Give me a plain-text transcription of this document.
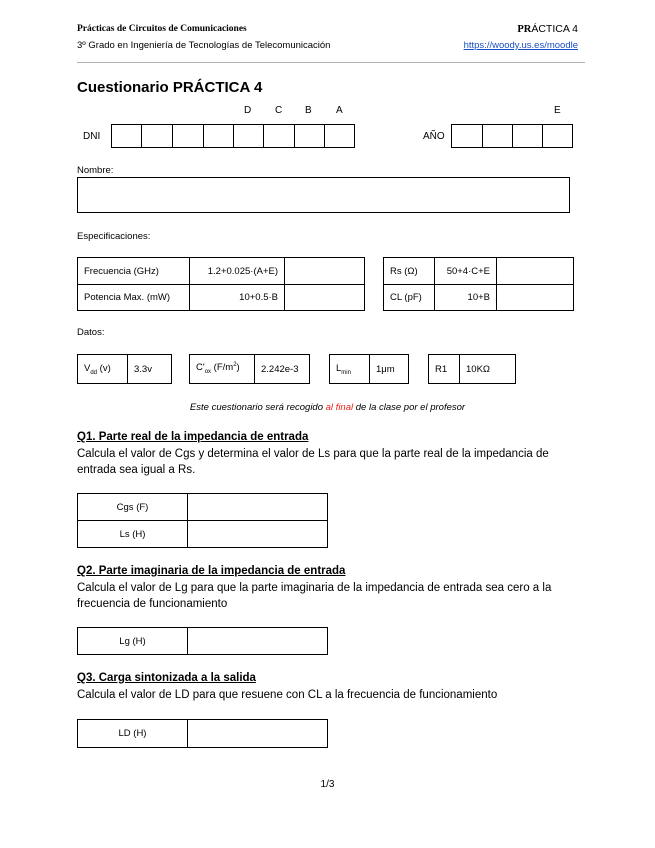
Prácticas de Circuitos de Comunicaciones	PRÁCTICA 4
3º Grado en Ingeniería de Tecnologías de Telecomunicación	https://woody.us.es/moodle
Cuestionario PRÁCTICA 4
D C B A	E
DNI	AÑO
Nombre:
Especificaciones:
Frecuencia (GHz)	1.2+0.025·(A+E)	
Potencia Max. (mW)	10+0.5·B	
Rs (Ω)	50+4·C+E	
CL (pF)	10+B	
Datos:
$V_{dd}$ (v)	3.3v	$C'_{ox}$ $(F/m^2)$	2.242e-3	$L_{min}$	1μm	R1	10KΩ
Este cuestionario será recogido al final de la clase por el profesor
Q1. Parte real de la impedancia de entrada
Calcula el valor de Cgs y determina el valor de Ls para que la parte real de la impedancia de entrada sea igual a Rs.
Cgs (F)	
Ls (H)	
Q2. Parte imaginaria de la impedancia de entrada
Calcula el valor de Lg para que la parte imaginaria de la impedancia de entrada sea cero a la frecuencia de funcionamiento
Lg (H)	
Q3. Carga sintonizada a la salida
Calcula el valor de LD para que resuene con CL a la frecuencia de funcionamiento
LD (H)	
1/3
